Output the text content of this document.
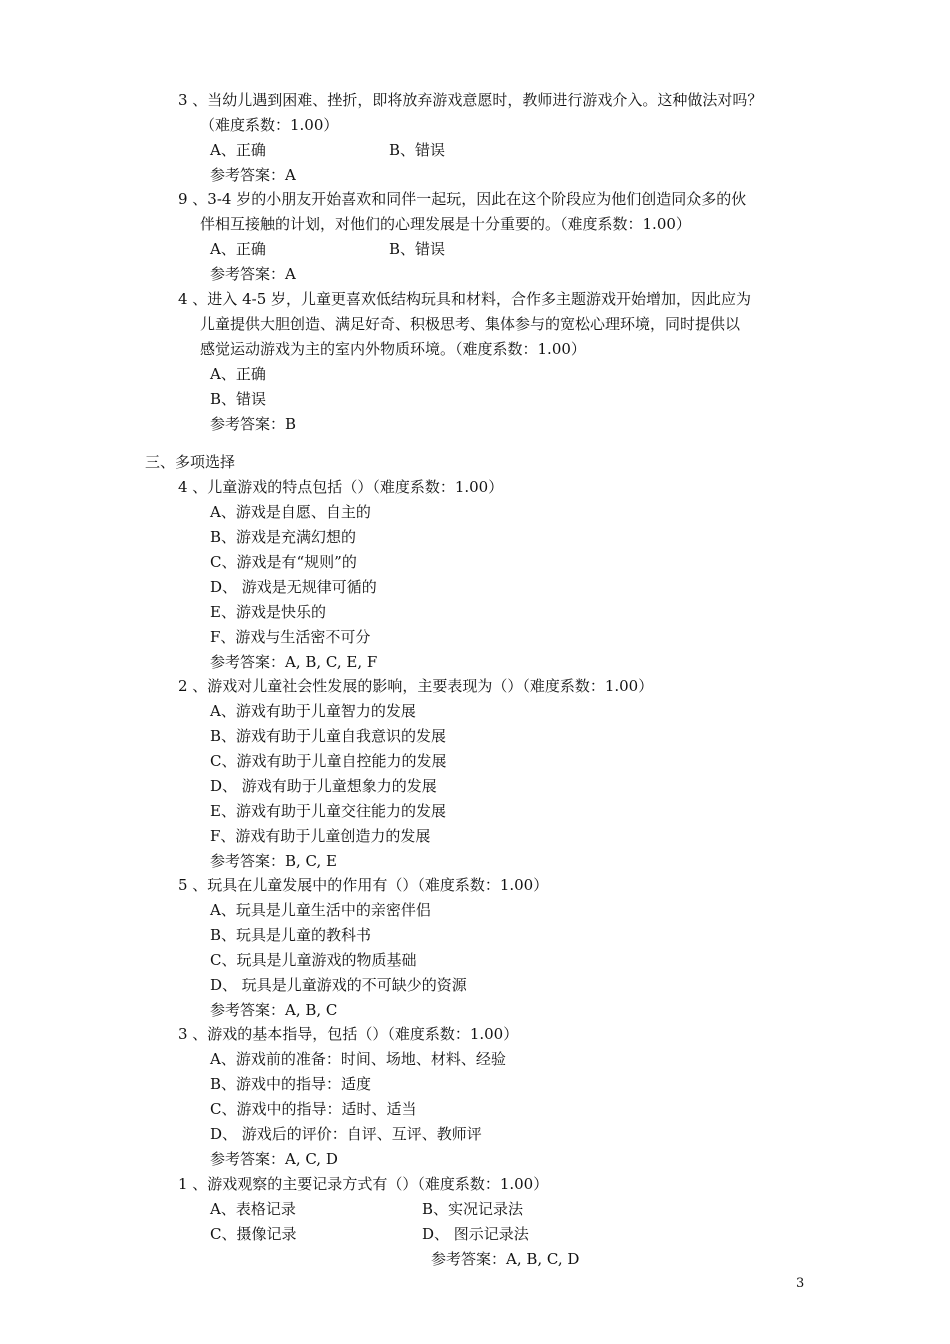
3 、当幼儿遇到困难、挫折，即将放弃游戏意愿时，教师进行游戏介入。这种做法对吗？
（难度系数：1.00）
A、正确	B、错误
参考答案：A
9 、3-4 岁的小朋友开始喜欢和同伴一起玩，因此在这个阶段应为他们创造同众多的伙
伴相互接触的计划，对他们的心理发展是十分重要的。（难度系数：1.00）
A、正确	B、错误
参考答案：A
4 、进入 4-5 岁，儿童更喜欢低结构玩具和材料，合作多主题游戏开始增加，因此应为
儿童提供大胆创造、满足好奇、积极思考、集体参与的宽松心理环境，同时提供以
感觉运动游戏为主的室内外物质环境。（难度系数：1.00）
A、正确
B、错误
参考答案：B
三、多项选择
4 、儿童游戏的特点包括（）（难度系数：1.00）
A、游戏是自愿、自主的
B、游戏是充满幻想的
C、游戏是有“规则”的
D、 游戏是无规律可循的
E、游戏是快乐的
F、游戏与生活密不可分
参考答案：A, B, C, E, F
2 、游戏对儿童社会性发展的影响，主要表现为（）（难度系数：1.00）
A、游戏有助于儿童智力的发展
B、游戏有助于儿童自我意识的发展
C、游戏有助于儿童自控能力的发展
D、 游戏有助于儿童想象力的发展
E、游戏有助于儿童交往能力的发展
F、游戏有助于儿童创造力的发展
参考答案：B, C, E
5 、玩具在儿童发展中的作用有（）（难度系数：1.00）
A、玩具是儿童生活中的亲密伴侣
B、玩具是儿童的教科书
C、玩具是儿童游戏的物质基础
D、 玩具是儿童游戏的不可缺少的资源
参考答案：A, B, C
3 、游戏的基本指导，包括（）（难度系数：1.00）
A、游戏前的准备：时间、场地、材料、经验
B、游戏中的指导：适度
C、游戏中的指导：适时、适当
D、 游戏后的评价：自评、互评、教师评
参考答案：A, C, D
1 、游戏观察的主要记录方式有（）（难度系数：1.00）
A、表格记录	B、实况记录法
C、摄像记录	D、 图示记录法
参考答案：A, B, C, D
3
